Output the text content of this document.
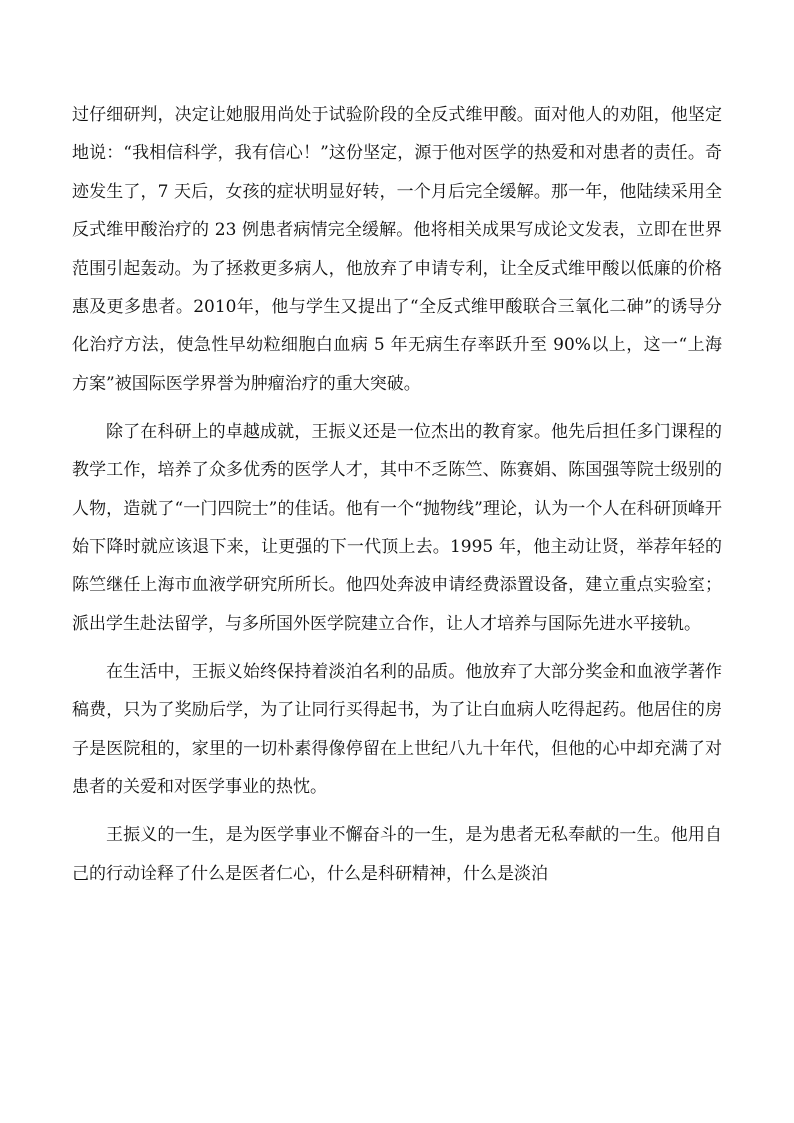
过仔细研判，决定让她服用尚处于试验阶段的全反式维甲酸。面对他人的劝阻，他坚定地说：“我相信科学，我有信心！”这份坚定，源于他对医学的热爱和对患者的责任。奇迹发生了，7 天后，女孩的症状明显好转，一个月后完全缓解。那一年，他陆续采用全反式维甲酸治疗的 23 例患者病情完全缓解。他将相关成果写成论文发表，立即在世界范围引起轰动。为了拯救更多病人，他放弃了申请专利，让全反式维甲酸以低廉的价格惠及更多患者。2010年，他与学生又提出了“全反式维甲酸联合三氧化二砷”的诱导分化治疗方法，使急性早幼粒细胞白血病 5 年无病生存率跃升至 90%以上，这一“上海方案”被国际医学界誉为肿瘤治疗的重大突破。

除了在科研上的卓越成就，王振义还是一位杰出的教育家。他先后担任多门课程的教学工作，培养了众多优秀的医学人才，其中不乏陈竺、陈赛娟、陈国强等院士级别的人物，造就了“一门四院士”的佳话。他有一个“抛物线”理论，认为一个人在科研顶峰开始下降时就应该退下来，让更强的下一代顶上去。1995 年，他主动让贤，举荐年轻的陈竺继任上海市血液学研究所所长。他四处奔波申请经费添置设备，建立重点实验室；派出学生赴法留学，与多所国外医学院建立合作，让人才培养与国际先进水平接轨。

在生活中，王振义始终保持着淡泊名利的品质。他放弃了大部分奖金和血液学著作稿费，只为了奖励后学，为了让同行买得起书，为了让白血病人吃得起药。他居住的房子是医院租的，家里的一切朴素得像停留在上世纪八九十年代，但他的心中却充满了对患者的关爱和对医学事业的热忱。

王振义的一生，是为医学事业不懈奋斗的一生，是为患者无私奉献的一生。他用自己的行动诠释了什么是医者仁心，什么是科研精神，什么是淡泊
